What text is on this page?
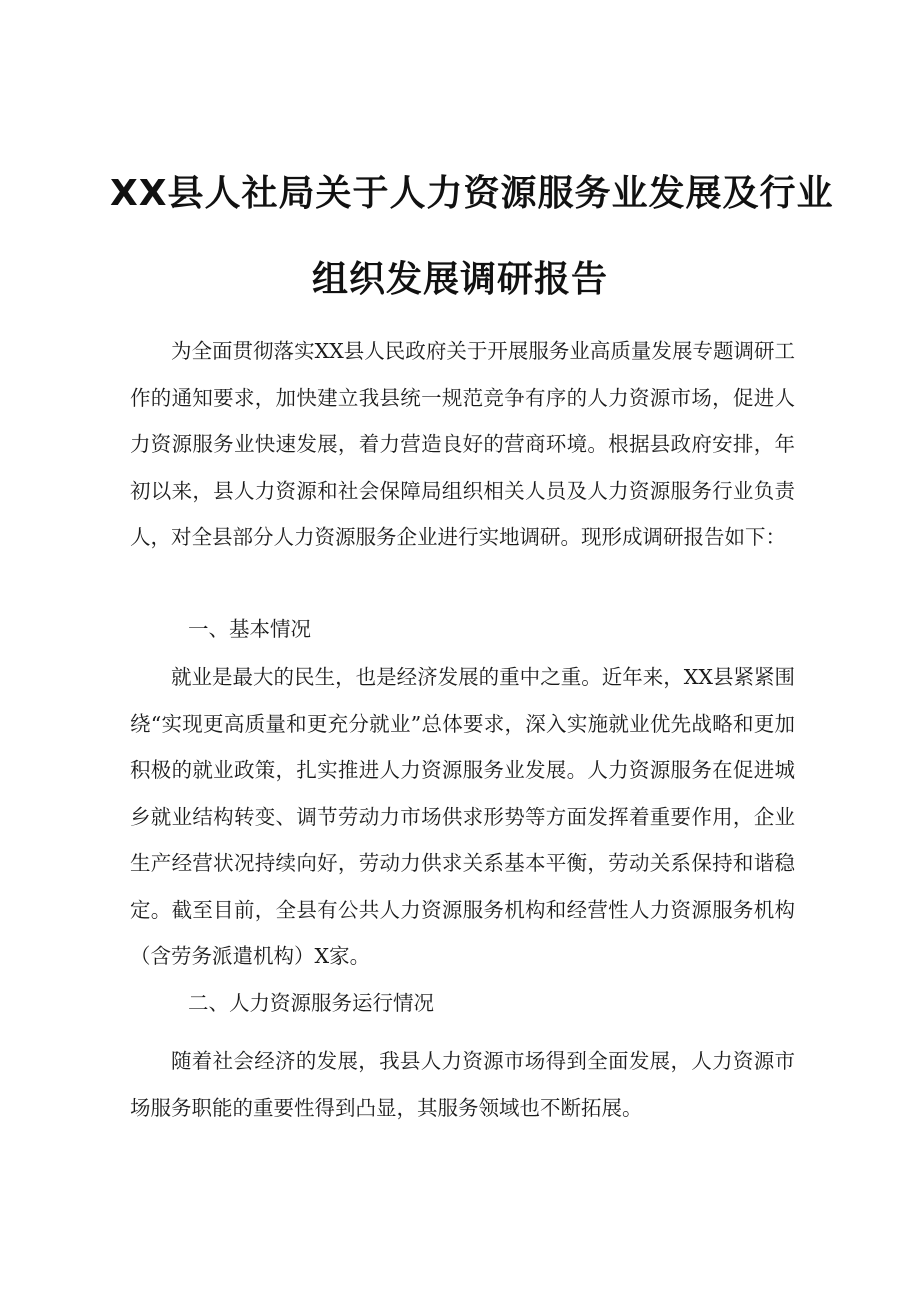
XX县人社局关于人力资源服务业发展及行业
组织发展调研报告

为全面贯彻落实XX县人民政府关于开展服务业高质量发展专题调研工作的通知要求，加快建立我县统一规范竞争有序的人力资源市场，促进人力资源服务业快速发展，着力营造良好的营商环境。根据县政府安排，年初以来，县人力资源和社会保障局组织相关人员及人力资源服务行业负责人，对全县部分人力资源服务企业进行实地调研。现形成调研报告如下：

一、基本情况

就业是最大的民生，也是经济发展的重中之重。近年来，XX县紧紧围绕“实现更高质量和更充分就业”总体要求，深入实施就业优先战略和更加积极的就业政策，扎实推进人力资源服务业发展。人力资源服务在促进城乡就业结构转变、调节劳动力市场供求形势等方面发挥着重要作用，企业生产经营状况持续向好，劳动力供求关系基本平衡，劳动关系保持和谐稳定。截至目前，全县有公共人力资源服务机构和经营性人力资源服务机构（含劳务派遣机构）X家。

二、人力资源服务运行情况

随着社会经济的发展，我县人力资源市场得到全面发展，人力资源市场服务职能的重要性得到凸显，其服务领域也不断拓展。
